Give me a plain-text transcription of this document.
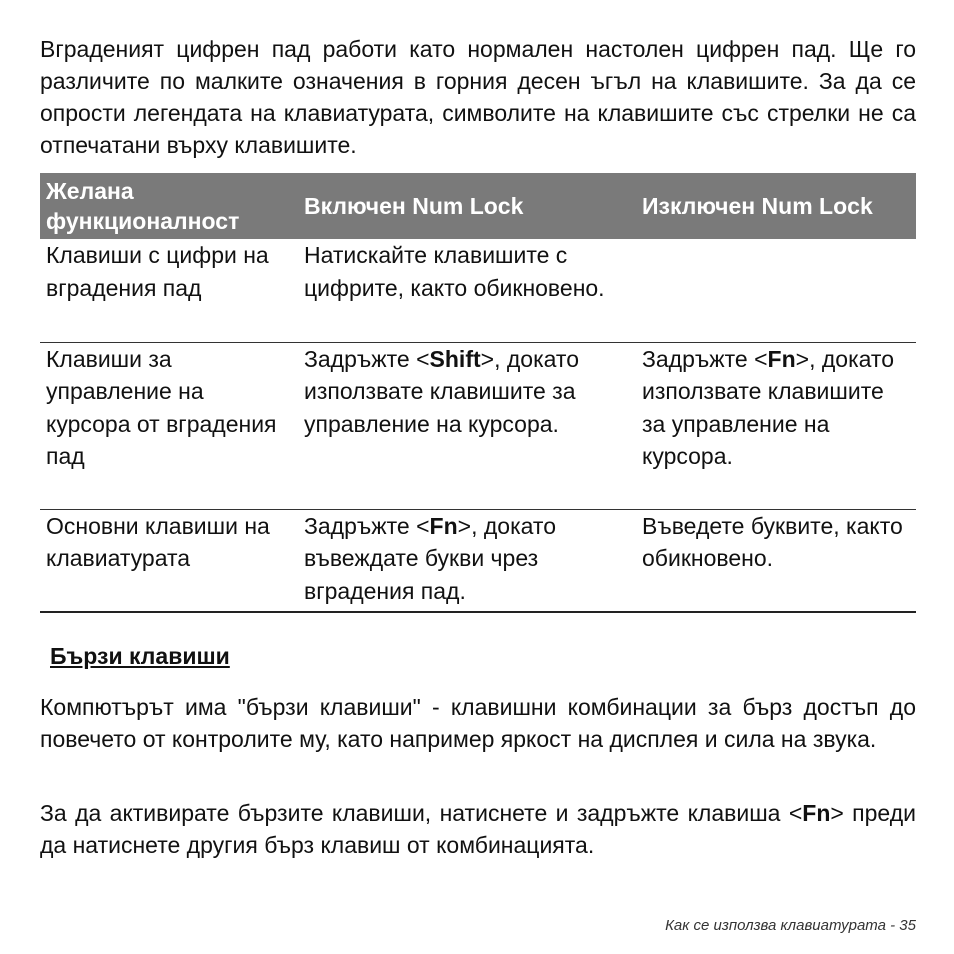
Вграденият цифрен пад работи като нормален настолен цифрен пад. Ще го различите по малките означения в горния десен ъгъл на клавишите. За да се опрости легендата на клавиатурата, символите на клавишите със стрелки не са отпечатани върху клавишите.

Желана функционалност	Включен Num Lock	Изключен Num Lock
Клавиши с цифри на вградения пад	Натискайте клавишите с цифрите, както обикновено.	
Клавиши за управление на курсора от вградения пад	Задръжте <Shift>, докато използвате клавишите за управление на курсора.	Задръжте <Fn>, докато използвате клавишите за управление на курсора.
Основни клавиши на клавиатурата	Задръжте <Fn>, докато въвеждате букви чрез вградения пад.	Въведете буквите, както обикновено.
Бързи клавиши

Компютърът има "бързи клавиши" - клавишни комбинации за бърз достъп до повечето от контролите му, като например яркост на дисплея и сила на звука.

За да активирате бързите клавиши, натиснете и задръжте клавиша <Fn> преди да натиснете другия бърз клавиш от комбинацията.

Как се използва клавиатурата - 35
